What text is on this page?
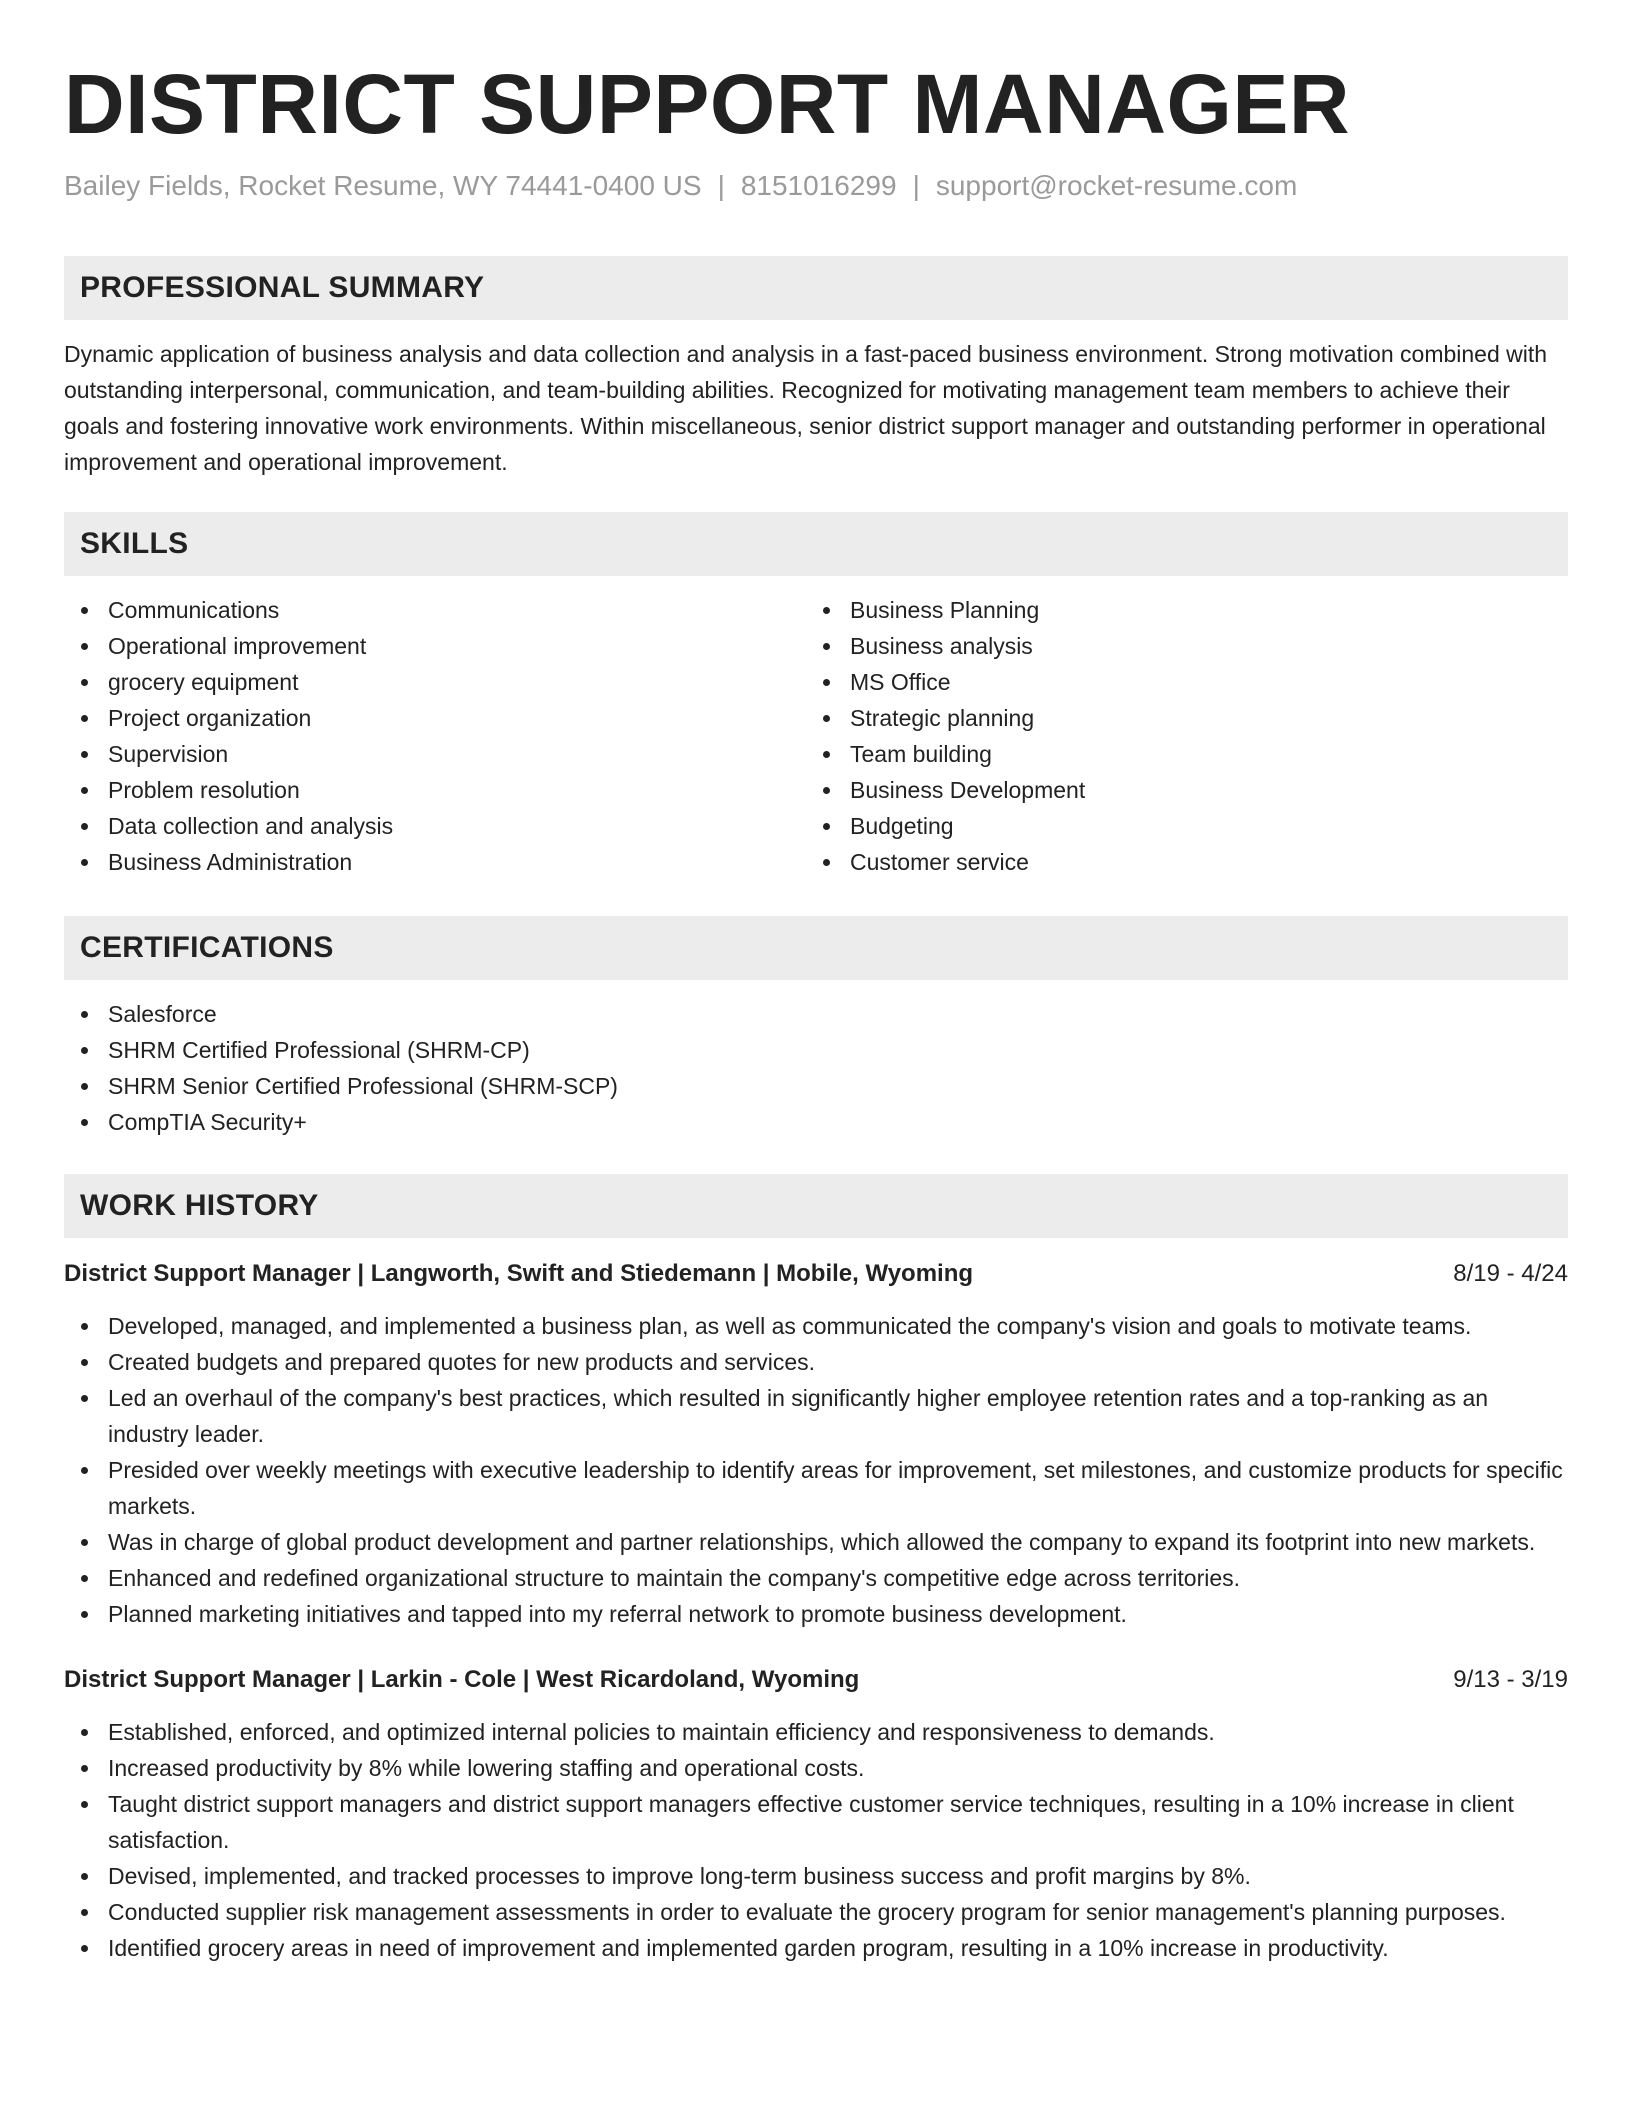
DISTRICT SUPPORT MANAGER
Bailey Fields, Rocket Resume, WY 74441-0400 US | 8151016299 | support@rocket-resume.com
PROFESSIONAL SUMMARY
Dynamic application of business analysis and data collection and analysis in a fast-paced business environment. Strong motivation combined with outstanding interpersonal, communication, and team-building abilities. Recognized for motivating management team members to achieve their goals and fostering innovative work environments. Within miscellaneous, senior district support manager and outstanding performer in operational improvement and operational improvement.
SKILLS
Communications
Operational improvement
grocery equipment
Project organization
Supervision
Problem resolution
Data collection and analysis
Business Administration
Business Planning
Business analysis
MS Office
Strategic planning
Team building
Business Development
Budgeting
Customer service
CERTIFICATIONS
Salesforce
SHRM Certified Professional (SHRM-CP)
SHRM Senior Certified Professional (SHRM-SCP)
CompTIA Security+
WORK HISTORY
District Support Manager | Langworth, Swift and Stiedemann | Mobile, Wyoming	8/19 - 4/24
Developed, managed, and implemented a business plan, as well as communicated the company's vision and goals to motivate teams.
Created budgets and prepared quotes for new products and services.
Led an overhaul of the company's best practices, which resulted in significantly higher employee retention rates and a top-ranking as an industry leader.
Presided over weekly meetings with executive leadership to identify areas for improvement, set milestones, and customize products for specific markets.
Was in charge of global product development and partner relationships, which allowed the company to expand its footprint into new markets.
Enhanced and redefined organizational structure to maintain the company's competitive edge across territories.
Planned marketing initiatives and tapped into my referral network to promote business development.
District Support Manager | Larkin - Cole | West Ricardoland, Wyoming	9/13 - 3/19
Established, enforced, and optimized internal policies to maintain efficiency and responsiveness to demands.
Increased productivity by 8% while lowering staffing and operational costs.
Taught district support managers and district support managers effective customer service techniques, resulting in a 10% increase in client satisfaction.
Devised, implemented, and tracked processes to improve long-term business success and profit margins by 8%.
Conducted supplier risk management assessments in order to evaluate the grocery program for senior management's planning purposes.
Identified grocery areas in need of improvement and implemented garden program, resulting in a 10% increase in productivity.
